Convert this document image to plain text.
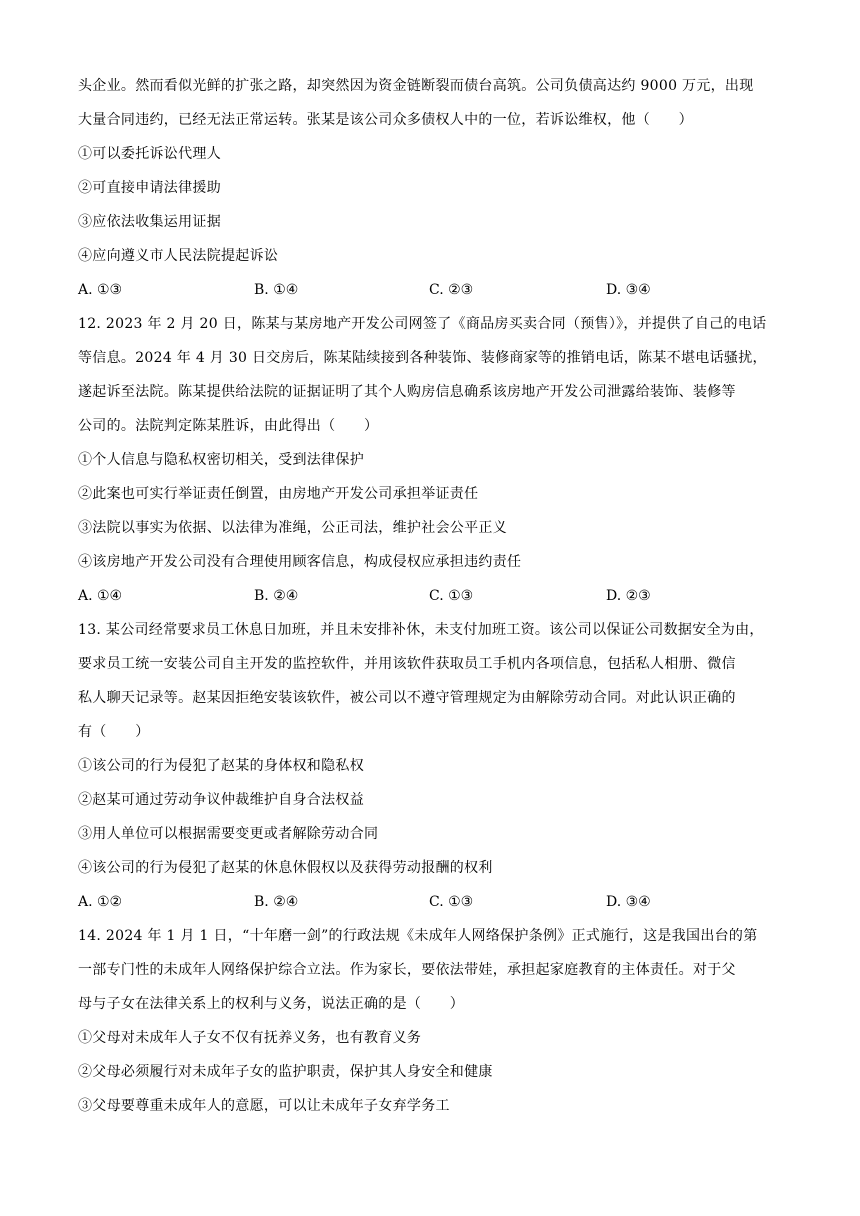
头企业。然而看似光鲜的扩张之路，却突然因为资金链断裂而债台高筑。公司负债高达约 9000 万元，出现
大量合同违约，已经无法正常运转。张某是该公司众多债权人中的一位，若诉讼维权，他（　　）
①可以委托诉讼代理人
②可直接申请法律援助
③应依法收集运用证据
④应向遵义市人民法院提起诉讼
A. ①③	B. ①④	C. ②③	D. ③④
12. 2023 年 2 月 20 日，陈某与某房地产开发公司网签了《商品房买卖合同（预售）》，并提供了自己的电话
等信息。2024 年 4 月 30 日交房后，陈某陆续接到各种装饰、装修商家等的推销电话，陈某不堪电话骚扰，
遂起诉至法院。陈某提供给法院的证据证明了其个人购房信息确系该房地产开发公司泄露给装饰、装修等
公司的。法院判定陈某胜诉，由此得出（　　）
①个人信息与隐私权密切相关，受到法律保护
②此案也可实行举证责任倒置，由房地产开发公司承担举证责任
③法院以事实为依据、以法律为准绳，公正司法，维护社会公平正义
④该房地产开发公司没有合理使用顾客信息，构成侵权应承担违约责任
A. ①④	B. ②④	C. ①③	D. ②③
13. 某公司经常要求员工休息日加班，并且未安排补休，未支付加班工资。该公司以保证公司数据安全为由，
要求员工统一安装公司自主开发的监控软件，并用该软件获取员工手机内各项信息，包括私人相册、微信
私人聊天记录等。赵某因拒绝安装该软件，被公司以不遵守管理规定为由解除劳动合同。对此认识正确的
有（　　）
①该公司的行为侵犯了赵某的身体权和隐私权
②赵某可通过劳动争议仲裁维护自身合法权益
③用人单位可以根据需要变更或者解除劳动合同
④该公司的行为侵犯了赵某的休息休假权以及获得劳动报酬的权利
A. ①②	B. ②④	C. ①③	D. ③④
14. 2024 年 1 月 1 日，“十年磨一剑”的行政法规《未成年人网络保护条例》正式施行，这是我国出台的第
一部专门性的未成年人网络保护综合立法。作为家长，要依法带娃，承担起家庭教育的主体责任。对于父
母与子女在法律关系上的权利与义务，说法正确的是（　　）
①父母对未成年人子女不仅有抚养义务，也有教育义务
②父母必须履行对未成年子女的监护职责，保护其人身安全和健康
③父母要尊重未成年人的意愿，可以让未成年子女弃学务工
